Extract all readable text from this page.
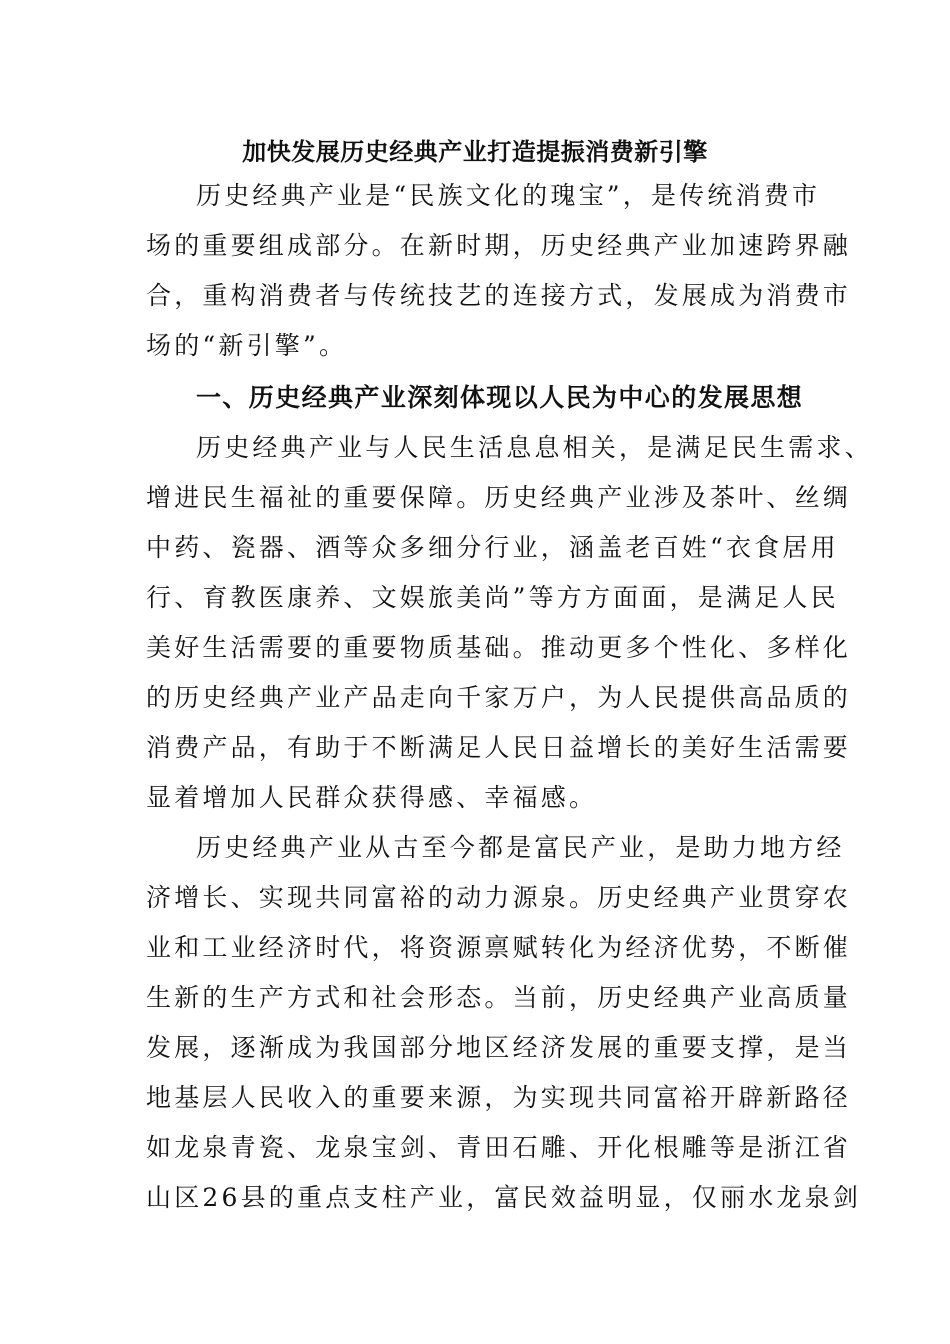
加快发展历史经典产业打造提振消费新引擎
历史经典产业是“民族文化的瑰宝”，是传统消费市
场的重要组成部分。在新时期，历史经典产业加速跨界融
合，重构消费者与传统技艺的连接方式，发展成为消费市
场的“新引擎”。
一、历史经典产业深刻体现以人民为中心的发展思想
历史经典产业与人民生活息息相关，是满足民生需求、
增进民生福祉的重要保障。历史经典产业涉及茶叶、丝绸
中药、瓷器、酒等众多细分行业，涵盖老百姓“衣食居用
行、育教医康养、文娱旅美尚”等方方面面，是满足人民
美好生活需要的重要物质基础。推动更多个性化、多样化
的历史经典产业产品走向千家万户，为人民提供高品质的
消费产品，有助于不断满足人民日益增长的美好生活需要
显着增加人民群众获得感、幸福感。
历史经典产业从古至今都是富民产业，是助力地方经
济增长、实现共同富裕的动力源泉。历史经典产业贯穿农
业和工业经济时代，将资源禀赋转化为经济优势，不断催
生新的生产方式和社会形态。当前，历史经典产业高质量
发展，逐渐成为我国部分地区经济发展的重要支撑，是当
地基层人民收入的重要来源，为实现共同富裕开辟新路径
如龙泉青瓷、龙泉宝剑、青田石雕、开化根雕等是浙江省
山区26县的重点支柱产业，富民效益明显，仅丽水龙泉剑
